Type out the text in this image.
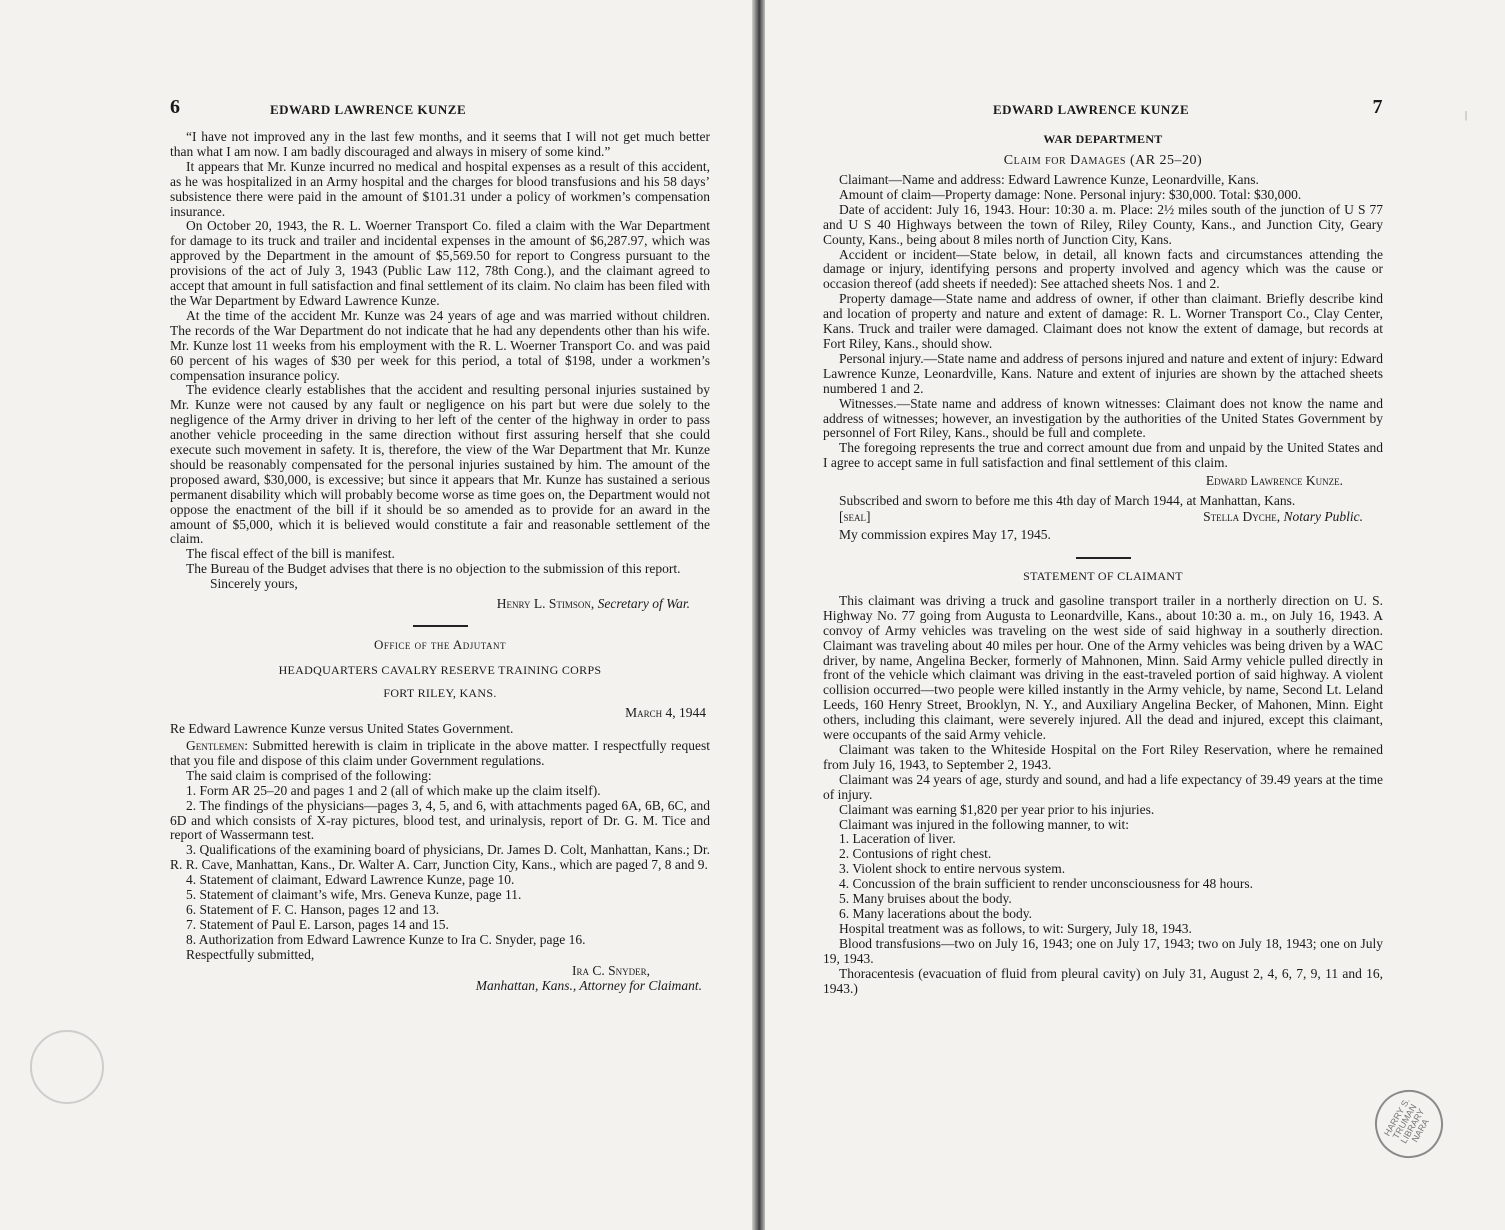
6	EDWARD LAWRENCE KUNZE

“I have not improved any in the last few months, and it seems that I will not get much better than what I am now. I am badly discouraged and always in misery of some kind.”

It appears that Mr. Kunze incurred no medical and hospital expenses as a result of this accident, as he was hospitalized in an Army hospital and the charges for blood transfusions and his 58 days’ subsistence there were paid in the amount of $101.31 under a policy of workmen’s compensation insurance.

On October 20, 1943, the R. L. Woerner Transport Co. filed a claim with the War Department for damage to its truck and trailer and incidental expenses in the amount of $6,287.97, which was approved by the Department in the amount of $5,569.50 for report to Congress pursuant to the provisions of the act of July 3, 1943 (Public Law 112, 78th Cong.), and the claimant agreed to accept that amount in full satisfaction and final settlement of its claim. No claim has been filed with the War Department by Edward Lawrence Kunze.

At the time of the accident Mr. Kunze was 24 years of age and was married without children. The records of the War Department do not indicate that he had any dependents other than his wife. Mr. Kunze lost 11 weeks from his employment with the R. L. Woerner Transport Co. and was paid 60 percent of his wages of $30 per week for this period, a total of $198, under a workmen’s compensation insurance policy.

The evidence clearly establishes that the accident and resulting personal injuries sustained by Mr. Kunze were not caused by any fault or negligence on his part but were due solely to the negligence of the Army driver in driving to her left of the center of the highway in order to pass another vehicle proceeding in the same direction without first assuring herself that she could execute such movement in safety. It is, therefore, the view of the War Department that Mr. Kunze should be reasonably compensated for the personal injuries sustained by him. The amount of the proposed award, $30,000, is excessive; but since it appears that Mr. Kunze has sustained a serious permanent disability which will probably become worse as time goes on, the Department would not oppose the enactment of the bill if it should be so amended as to provide for an award in the amount of $5,000, which it is believed would constitute a fair and reasonable settlement of the claim.

The fiscal effect of the bill is manifest.

The Bureau of the Budget advises that there is no objection to the submission of this report.

Sincerely yours,

Henry L. Stimson, Secretary of War.
Office of the Adjutant
HEADQUARTERS CAVALRY RESERVE TRAINING CORPS
FORT RILEY, KANS.
March 4, 1944

Re Edward Lawrence Kunze versus United States Government.

Gentlemen: Submitted herewith is claim in triplicate in the above matter. I respectfully request that you file and dispose of this claim under Government regulations.

The said claim is comprised of the following:

1. Form AR 25–20 and pages 1 and 2 (all of which make up the claim itself).

2. The findings of the physicians—pages 3, 4, 5, and 6, with attachments paged 6A, 6B, 6C, and 6D and which consists of X-ray pictures, blood test, and urinalysis, report of Dr. G. M. Tice and report of Wassermann test.

3. Qualifications of the examining board of physicians, Dr. James D. Colt, Manhattan, Kans.; Dr. R. R. Cave, Manhattan, Kans., Dr. Walter A. Carr, Junction City, Kans., which are paged 7, 8 and 9.

4. Statement of claimant, Edward Lawrence Kunze, page 10.

5. Statement of claimant’s wife, Mrs. Geneva Kunze, page 11.

6. Statement of F. C. Hanson, pages 12 and 13.

7. Statement of Paul E. Larson, pages 14 and 15.

8. Authorization from Edward Lawrence Kunze to Ira C. Snyder, page 16.

Respectfully submitted,

Ira C. Snyder,
Manhattan, Kans., Attorney for Claimant.
EDWARD LAWRENCE KUNZE	7
WAR DEPARTMENT
Claim for Damages (AR 25–20)

Claimant—Name and address: Edward Lawrence Kunze, Leonardville, Kans.

Amount of claim—Property damage: None. Personal injury: $30,000. Total: $30,000.

Date of accident: July 16, 1943. Hour: 10:30 a. m. Place: 2½ miles south of the junction of U S 77 and U S 40 Highways between the town of Riley, Riley County, Kans., and Junction City, Geary County, Kans., being about 8 miles north of Junction City, Kans.

Accident or incident—State below, in detail, all known facts and circumstances attending the damage or injury, identifying persons and property involved and agency which was the cause or occasion thereof (add sheets if needed): See attached sheets Nos. 1 and 2.

Property damage—State name and address of owner, if other than claimant. Briefly describe kind and location of property and nature and extent of damage: R. L. Worner Transport Co., Clay Center, Kans. Truck and trailer were damaged. Claimant does not know the extent of damage, but records at Fort Riley, Kans., should show.

Personal injury.—State name and address of persons injured and nature and extent of injury: Edward Lawrence Kunze, Leonardville, Kans. Nature and extent of injuries are shown by the attached sheets numbered 1 and 2.

Witnesses.—State name and address of known witnesses: Claimant does not know the name and address of witnesses; however, an investigation by the authorities of the United States Government by personnel of Fort Riley, Kans., should be full and complete.

The foregoing represents the true and correct amount due from and unpaid by the United States and I agree to accept same in full satisfaction and final settlement of this claim.

Edward Lawrence Kunze.

Subscribed and sworn to before me this 4th day of March 1944, at Manhattan, Kans.

[seal]	Stella Dyche, Notary Public.

My commission expires May 17, 1945.

STATEMENT OF CLAIMANT

This claimant was driving a truck and gasoline transport trailer in a northerly direction on U. S. Highway No. 77 going from Augusta to Leonardville, Kans., about 10:30 a. m., on July 16, 1943. A convoy of Army vehicles was traveling on the west side of said highway in a southerly direction. Claimant was traveling about 40 miles per hour. One of the Army vehicles was being driven by a WAC driver, by name, Angelina Becker, formerly of Mahnonen, Minn. Said Army vehicle pulled directly in front of the vehicle which claimant was driving in the east-traveled portion of said highway. A violent collision occurred—two people were killed instantly in the Army vehicle, by name, Second Lt. Leland Leeds, 160 Henry Street, Brooklyn, N. Y., and Auxiliary Angelina Becker, of Mahonen, Minn. Eight others, including this claimant, were severely injured. All the dead and injured, except this claimant, were occupants of the said Army vehicle.

Claimant was taken to the Whiteside Hospital on the Fort Riley Reservation, where he remained from July 16, 1943, to September 2, 1943.

Claimant was 24 years of age, sturdy and sound, and had a life expectancy of 39.49 years at the time of injury.

Claimant was earning $1,820 per year prior to his injuries.

Claimant was injured in the following manner, to wit:

1. Laceration of liver.

2. Contusions of right chest.

3. Violent shock to entire nervous system.

4. Concussion of the brain sufficient to render unconsciousness for 48 hours.

5. Many bruises about the body.

6. Many lacerations about the body.

Hospital treatment was as follows, to wit: Surgery, July 18, 1943.

Blood transfusions—two on July 16, 1943; one on July 17, 1943; two on July 18, 1943; one on July 19, 1943.

Thoracentesis (evacuation of fluid from pleural cavity) on July 31, August 2, 4, 6, 7, 9, 11 and 16, 1943.)

HARRY S. TRUMAN LIBRARY NARA
|
